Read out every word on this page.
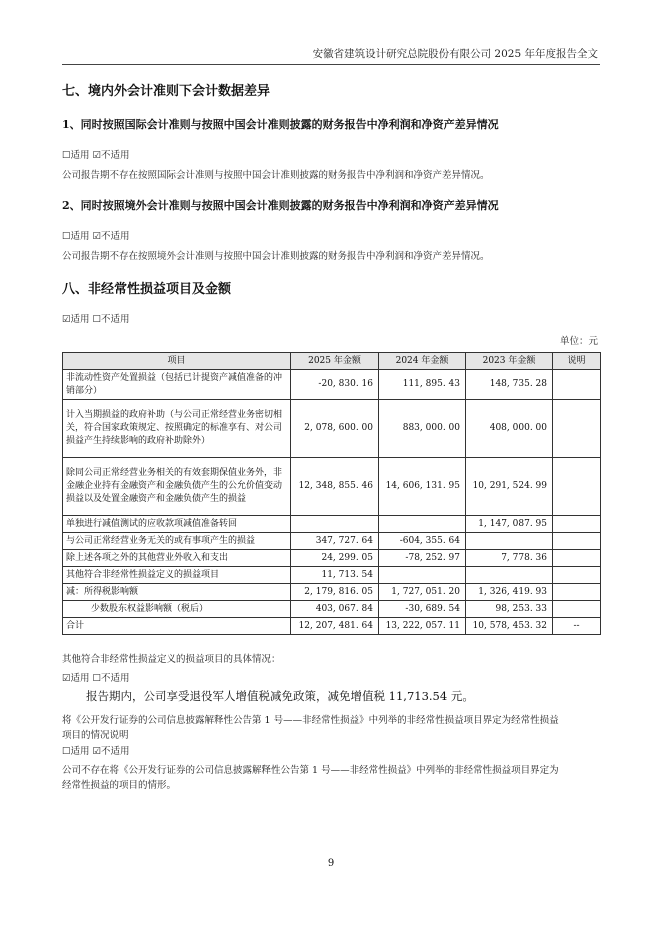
安徽省建筑设计研究总院股份有限公司 2025 年年度报告全文
七、境内外会计准则下会计数据差异
1、同时按照国际会计准则与按照中国会计准则披露的财务报告中净利润和净资产差异情况
☐适用 ☑不适用
公司报告期不存在按照国际会计准则与按照中国会计准则披露的财务报告中净利润和净资产差异情况。
2、同时按照境外会计准则与按照中国会计准则披露的财务报告中净利润和净资产差异情况
☐适用 ☑不适用
公司报告期不存在按照境外会计准则与按照中国会计准则披露的财务报告中净利润和净资产差异情况。
八、非经常性损益项目及金额
☑适用 ☐不适用
单位：元
项目	2025 年金额	2024 年金额	2023 年金额	说明
非流动性资产处置损益（包括已计提资产减值准备的冲销部分）	-20, 830. 16	111, 895. 43	148, 735. 28	
计入当期损益的政府补助（与公司正常经营业务密切相关，符合国家政策规定、按照确定的标准享有、对公司损益产生持续影响的政府补助除外）	2, 078, 600. 00	883, 000. 00	408, 000. 00	
除同公司正常经营业务相关的有效套期保值业务外，非金融企业持有金融资产和金融负债产生的公允价值变动损益以及处置金融资产和金融负债产生的损益	12, 348, 855. 46	14, 606, 131. 95	10, 291, 524. 99	
单独进行减值测试的应收款项减值准备转回			1, 147, 087. 95	
与公司正常经营业务无关的或有事项产生的损益	347, 727. 64	-604, 355. 64		
除上述各项之外的其他营业外收入和支出	24, 299. 05	-78, 252. 97	7, 778. 36	
其他符合非经常性损益定义的损益项目	11, 713. 54			
减：所得税影响额	2, 179, 816. 05	1, 727, 051. 20	1, 326, 419. 93	
少数股东权益影响额（税后）	403, 067. 84	-30, 689. 54	98, 253. 33	
合计	12, 207, 481. 64	13, 222, 057. 11	10, 578, 453. 32	--
其他符合非经常性损益定义的损益项目的具体情况：
☑适用 ☐不适用
报告期内，公司享受退役军人增值税减免政策，减免增值税 11,713.54 元。
将《公开发行证券的公司信息披露解释性公告第 1 号——非经常性损益》中列举的非经常性损益项目界定为经常性损益
项目的情况说明
☐适用 ☑不适用
公司不存在将《公开发行证券的公司信息披露解释性公告第 1 号——非经常性损益》中列举的非经常性损益项目界定为
经常性损益的项目的情形。
9
